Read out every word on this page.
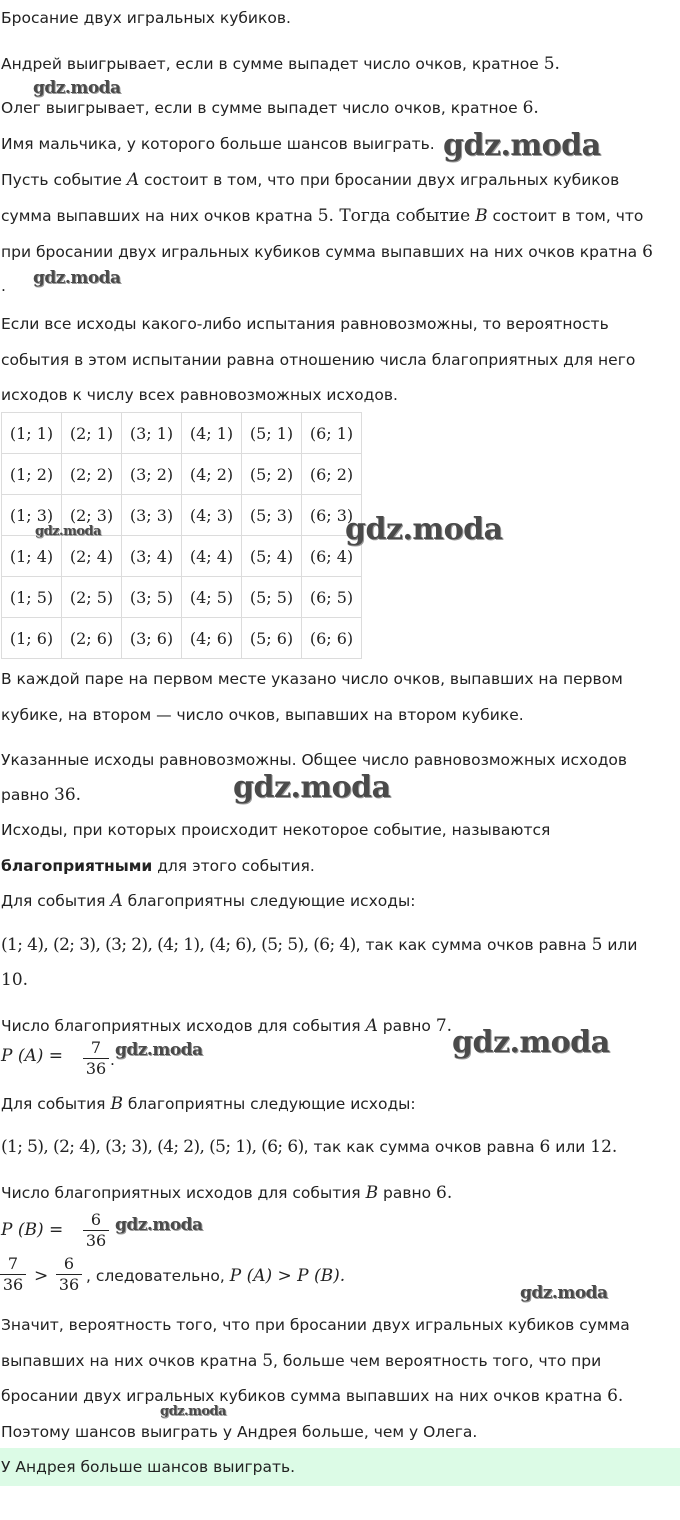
Бросание двух игральных кубиков.
Андрей выигрывает, если в сумме выпадет число очков, кратное 5.
Олег выигрывает, если в сумме выпадет число очков, кратное 6.
Имя мальчика, у которого больше шансов выиграть.
Пусть событие A состоит в том, что при бросании двух игральных кубиков
сумма выпавших на них очков кратна 5. Тогда событие B состоит в том, что
при бросании двух игральных кубиков сумма выпавших на них очков кратна 6
.
Если все исходы какого-либо испытания равновозможны, то вероятность
события в этом испытании равна отношению числа благоприятных для него
исходов к числу всех равновозможных исходов.
(1; 1)	(2; 1)	(3; 1)	(4; 1)	(5; 1)	(6; 1)
(1; 2)	(2; 2)	(3; 2)	(4; 2)	(5; 2)	(6; 2)
(1; 3)	(2; 3)	(3; 3)	(4; 3)	(5; 3)	(6; 3)
(1; 4)	(2; 4)	(3; 4)	(4; 4)	(5; 4)	(6; 4)
(1; 5)	(2; 5)	(3; 5)	(4; 5)	(5; 5)	(6; 5)
(1; 6)	(2; 6)	(3; 6)	(4; 6)	(5; 6)	(6; 6)
В каждой паре на первом месте указано число очков, выпавших на первом
кубике, на втором — число очков, выпавших на втором кубике.
Указанные исходы равновозможны. Общее число равновозможных исходов
равно 36.
Исходы, при которых происходит некоторое событие, называются
благоприятными для этого события.
Для события A благоприятны следующие исходы:
(1; 4), (2; 3), (3; 2), (4; 1), (4; 6), (5; 5), (6; 4), так как сумма очков равна 5 или
10.
Число благоприятных исходов для события A равно 7.
P (A) =	7
36 .
Для события B благоприятны следующие исходы:
(1; 5), (2; 4), (3; 3), (4; 2), (5; 1), (6; 6), так как сумма очков равна 6 или 12.
Число благоприятных исходов для события B равно 6.
P (B) =
6
36
7
36 >
6
36 , следовательно, P (A) > P (B).
Значит, вероятность того, что при бросании двух игральных кубиков сумма
выпавших на них очков кратна 5, больше чем вероятность того, что при
бросании двух игральных кубиков сумма выпавших на них очков кратна 6.
Поэтому шансов выиграть у Андрея больше, чем у Олега.
У Андрея больше шансов выиграть.
gdz.moda
gdz.moda
gdz.moda
gdz.moda	gdz.moda
gdz.moda
gdz.moda
gdz.moda
gdz.moda
gdz.moda
gdz.moda
